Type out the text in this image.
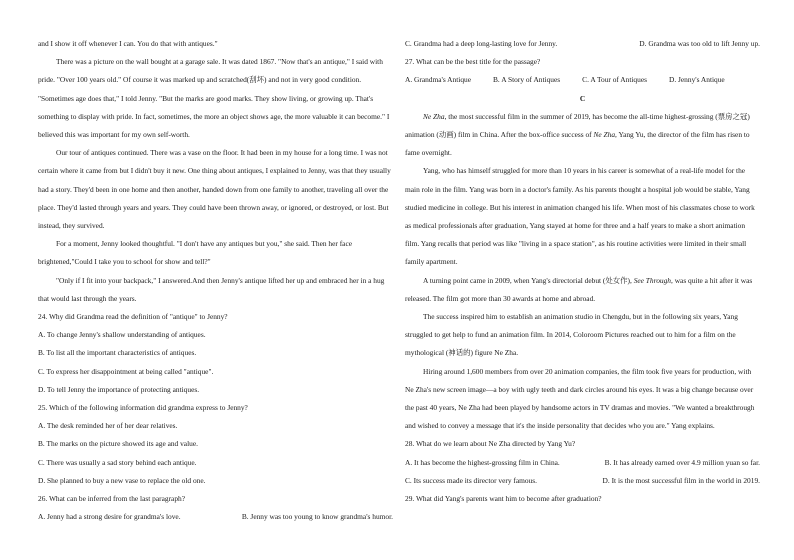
and I show it off whenever I can. You do that with antiques."

There was a picture on the wall bought at a garage sale. It was dated 1867. "Now that's an antique," I said with pride. "Over 100 years old." Of course it was marked up and scratched(刮坏) and not in very good condition. "Sometimes age does that," I told Jenny. "But the marks are good marks. They show living, or growing up. That's something to display with pride. In fact, sometimes, the more an object shows age, the more valuable it can become." I believed this was important for my own self-worth.

Our tour of antiques continued. There was a vase on the floor. It had been in my house for a long time. I was not certain where it came from but I didn't buy it new. One thing about antiques, I explained to Jenny, was that they usually had a story. They'd been in one home and then another, handed down from one family to another, traveling all over the place. They'd lasted through years and years. They could have been thrown away, or ignored, or destroyed, or lost. But instead, they survived.

For a moment, Jenny looked thoughtful. "I don't have any antiques but you," she said. Then her face brightened,"Could I take you to school for show and tell?"

"Only if I fit into your backpack," I answered.And then Jenny's antique lifted her up and embraced her in a hug that would last through the years.

24. Why did Grandma read the definition of "antique" to Jenny?

A. To change Jenny's shallow understanding of antiques.

B. To list all the important characteristics of antiques.

C. To express her disappointment at being called "antique".

D. To tell Jenny the importance of protecting antiques.

25. Which of the following information did grandma express to Jenny?

A. The desk reminded her of her dear relatives.

B. The marks on the picture showed its age and value.

C. There was usually a sad story behind each antique.

D. She planned to buy a new vase to replace the old one.

26. What can be inferred from the last paragraph?

A. Jenny had a strong desire for grandma's love.	B. Jenny was too young to know grandma's humor.
C. Grandma had a deep long-lasting love for Jenny.	D. Grandma was too old to lift Jenny up.

27. What can be the best title for the passage?

A. Grandma's Antique	B. A Story of Antiques	C. A Tour of Antiques	D. Jenny's Antique

C

Ne Zha, the most successful film in the summer of 2019, has become the all-time highest-grossing (票房之冠) animation (动画) film in China. After the box-office success of Ne Zha, Yang Yu, the director of the film has risen to fame overnight.

Yang, who has himself struggled for more than 10 years in his career is somewhat of a real-life model for the main role in the film. Yang was born in a doctor's family. As his parents thought a hospital job would be stable, Yang studied medicine in college. But his interest in animation changed his life. When most of his classmates chose to work as medical professionals after graduation, Yang stayed at home for three and a half years to make a short animation film. Yang recalls that period was like "living in a space station", as his routine activities were limited in their small family apartment.

A turning point came in 2009, when Yang's directorial debut (处女作), See Through, was quite a hit after it was released. The film got more than 30 awards at home and abroad.

The success inspired him to establish an animation studio in Chengdu, but in the following six years, Yang struggled to get help to fund an animation film. In 2014, Coloroom Pictures reached out to him for a film on the mythological (神话的) figure Ne Zha.

Hiring around 1,600 members from over 20 animation companies, the film took five years for production, with Ne Zha's new screen image—a boy with ugly teeth and dark circles around his eyes. It was a big change because over the past 40 years, Ne Zha had been played by handsome actors in TV dramas and movies. "We wanted a breakthrough and wished to convey a message that it's the inside personality that decides who you are." Yang explains.

28. What do we learn about Ne Zha directed by Yang Yu?

A. It has become the highest-grossing film in China.	B. It has already earned over 4.9 million yuan so far.
C. Its success made its director very famous.	D. It is the most successful film in the world in 2019.

29. What did Yang's parents want him to become after graduation?
